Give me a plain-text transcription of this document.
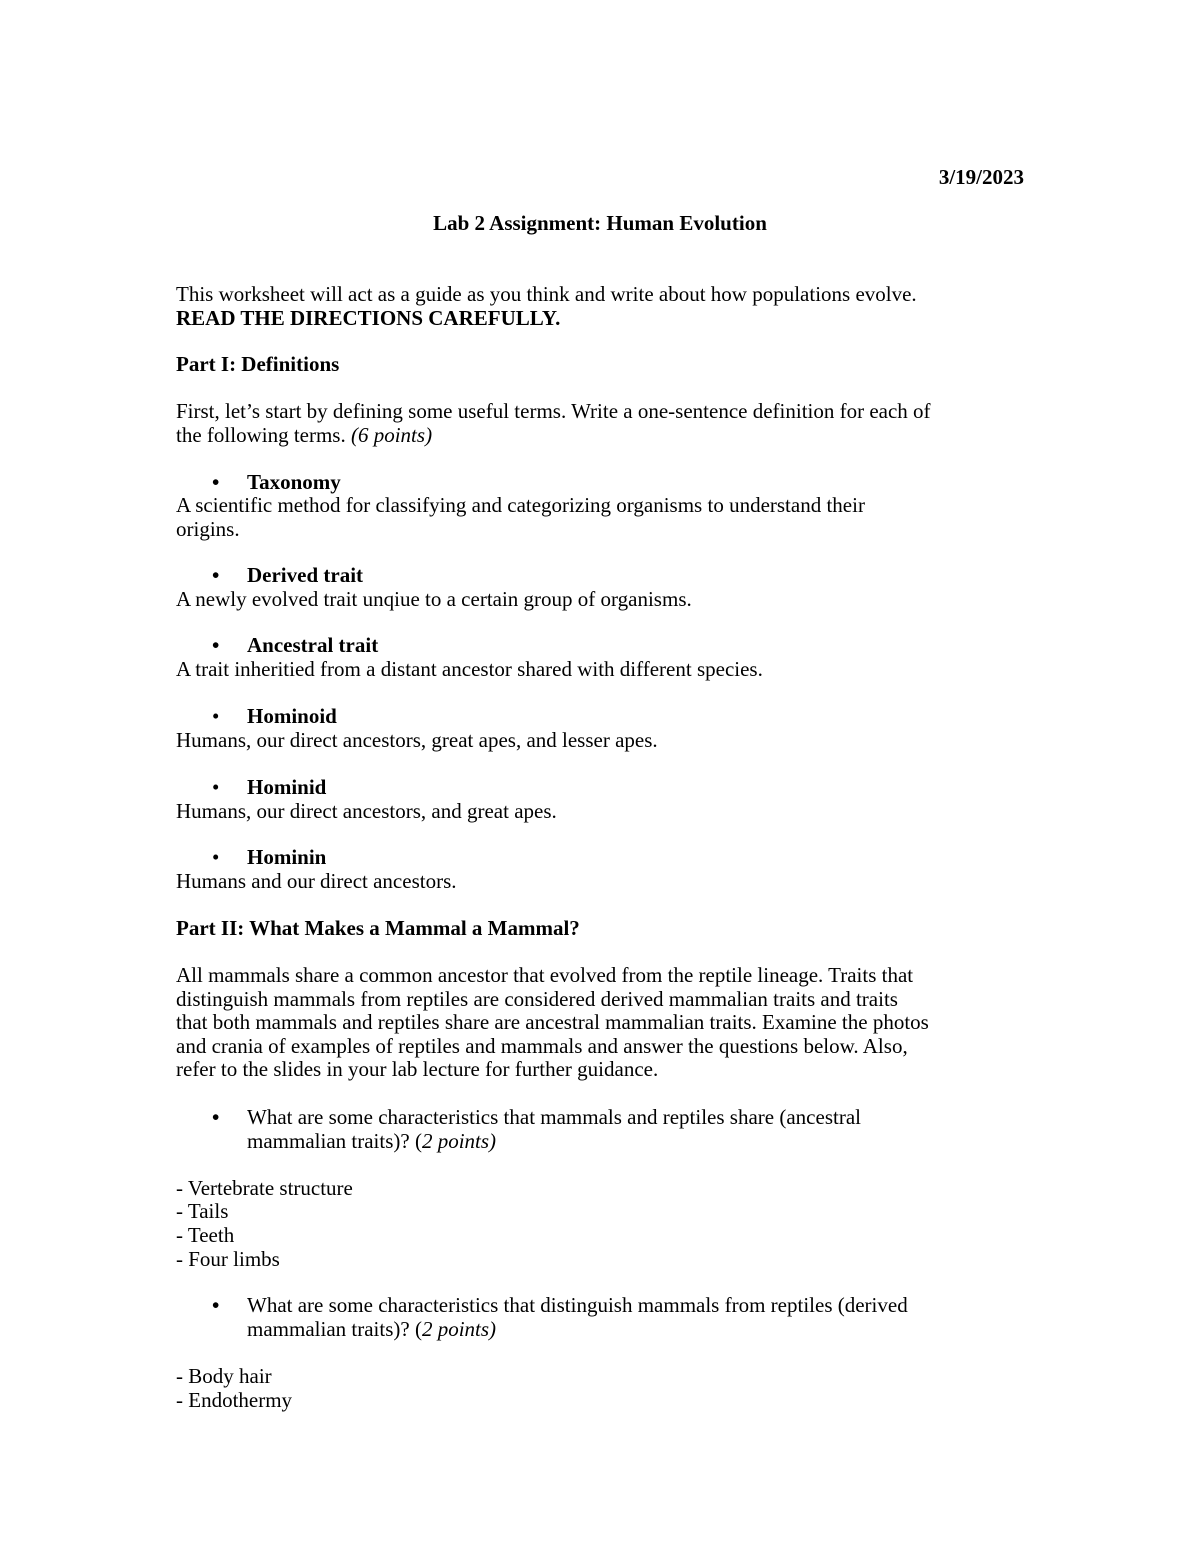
3/19/2023
Lab 2 Assignment: Human Evolution
This worksheet will act as a guide as you think and write about how populations evolve.
READ THE DIRECTIONS CAREFULLY.
Part I: Definitions
First, let’s start by defining some useful terms. Write a one-sentence definition for each of
the following terms. (6 points)
•	Taxonomy
A scientific method for classifying and categorizing organisms to understand their
origins.
•	Derived trait
A newly evolved trait unqiue to a certain group of organisms.
•	Ancestral trait
A trait inheritied from a distant ancestor shared with different species.
•	Hominoid
Humans, our direct ancestors, great apes, and lesser apes.
•	Hominid
Humans, our direct ancestors, and great apes.
•	Hominin
Humans and our direct ancestors.
Part II: What Makes a Mammal a Mammal?
All mammals share a common ancestor that evolved from the reptile lineage. Traits that
distinguish mammals from reptiles are considered derived mammalian traits and traits
that both mammals and reptiles share are ancestral mammalian traits. Examine the photos
and crania of examples of reptiles and mammals and answer the questions below. Also,
refer to the slides in your lab lecture for further guidance.
• What are some characteristics that mammals and reptiles share (ancestral
mammalian traits)? (2 points)
- Vertebrate structure
- Tails
- Teeth
- Four limbs
• What are some characteristics that distinguish mammals from reptiles (derived
mammalian traits)? (2 points)
- Body hair
- Endothermy
